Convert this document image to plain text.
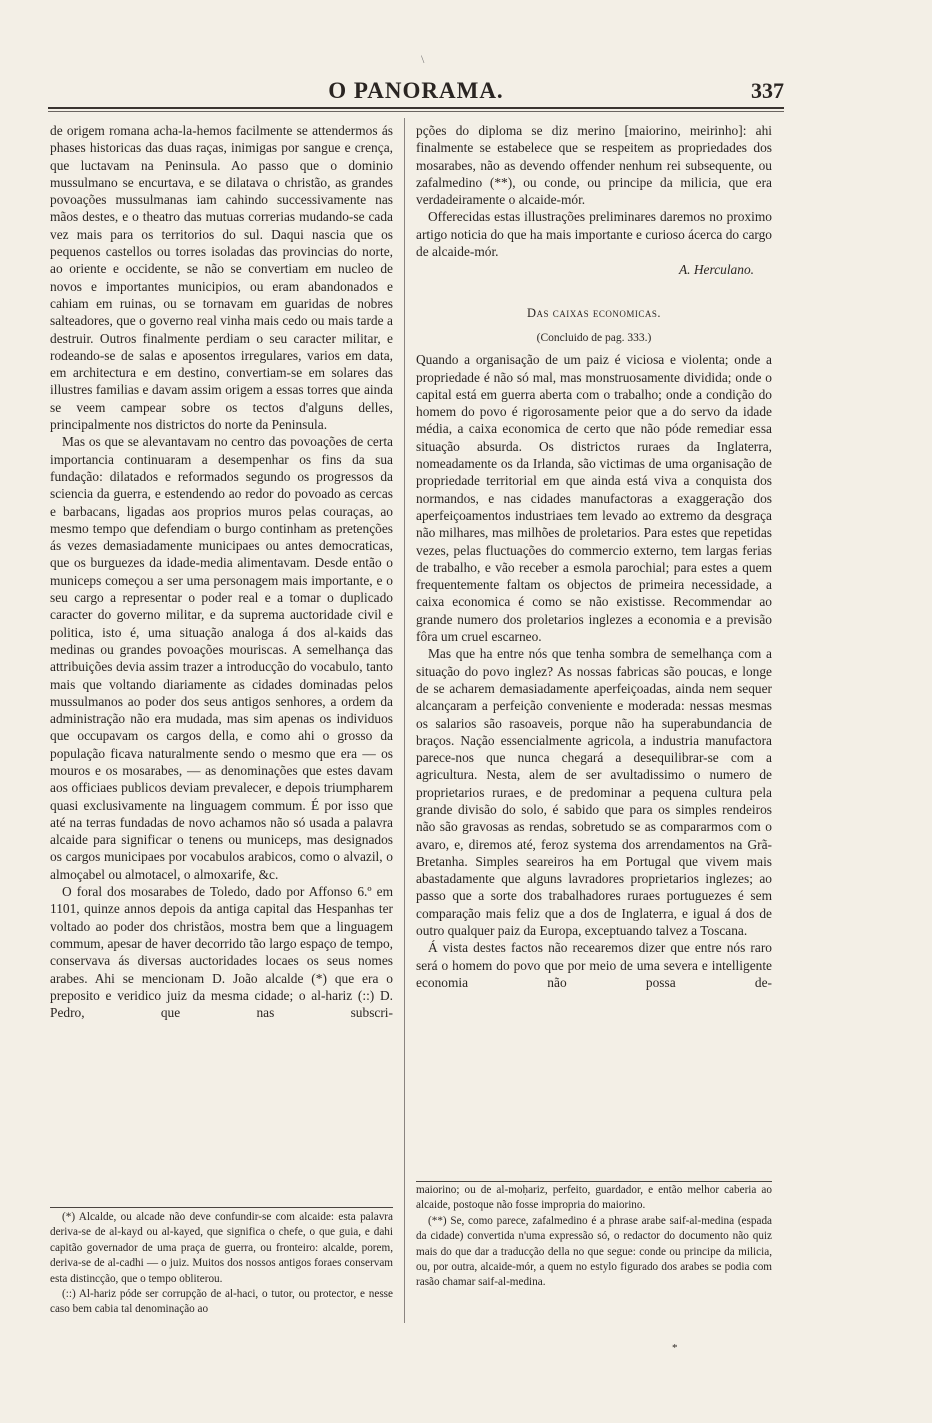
\
O PANORAMA.	337

de origem romana acha-la-hemos facilmente se attendermos ás phases historicas das duas raças, inimigas por sangue e crença, que luctavam na Peninsula. Ao passo que o dominio mussulmano se encurtava, e se dilatava o christão, as grandes povoações mussulmanas iam cahindo successivamente nas mãos destes, e o theatro das mutuas correrias mudando-se cada vez mais para os territorios do sul. Daqui nascia que os pequenos castellos ou torres isoladas das provincias do norte, ao oriente e occidente, se não se convertiam em nucleo de novos e importantes municipios, ou eram abandonados e cahiam em ruinas, ou se tornavam em guaridas de nobres salteadores, que o governo real vinha mais cedo ou mais tarde a destruir. Outros finalmente perdiam o seu caracter militar, e rodeando-se de salas e aposentos irregulares, varios em data, em architectura e em destino, convertiam-se em solares das illustres familias e davam assim origem a essas torres que ainda se veem campear sobre os tectos d'alguns delles, principalmente nos districtos do norte da Peninsula.

Mas os que se alevantavam no centro das povoações de certa importancia continuaram a desempenhar os fins da sua fundação: dilatados e reformados segundo os progressos da sciencia da guerra, e estendendo ao redor do povoado as cercas e barbacans, ligadas aos proprios muros pelas couraças, ao mesmo tempo que defendiam o burgo continham as pretenções ás vezes demasiadamente municipaes ou antes democraticas, que os burguezes da idade-media alimentavam. Desde então o municeps começou a ser uma personagem mais importante, e o seu cargo a representar o poder real e a tomar o duplicado caracter do governo militar, e da suprema auctoridade civil e politica, isto é, uma situação analoga á dos al-kaids das medinas ou grandes povoações mouriscas. A semelhança das attribuições devia assim trazer a introducção do vocabulo, tanto mais que voltando diariamente as cidades dominadas pelos mussulmanos ao poder dos seus antigos senhores, a ordem da administração não era mudada, mas sim apenas os individuos que occupavam os cargos della, e como ahi o grosso da população ficava naturalmente sendo o mesmo que era — os mouros e os mosarabes, — as denominações que estes davam aos officiaes publicos deviam prevalecer, e depois triumpharem quasi exclusivamente na linguagem commum. É por isso que até na terras fundadas de novo achamos não só usada a palavra alcaide para significar o tenens ou municeps, mas designados os cargos municipaes por vocabulos arabicos, como o alvazil, o almoçabel ou almotacel, o almoxarife, &c.

O foral dos mosarabes de Toledo, dado por Affonso 6.º em 1101, quinze annos depois da antiga capital das Hespanhas ter voltado ao poder dos christãos, mostra bem que a linguagem commum, apesar de haver decorrido tão largo espaço de tempo, conservava ás diversas auctoridades locaes os seus nomes arabes. Ahi se mencionam D. João alcalde (*) que era o preposito e veridico juiz da mesma cidade; o al-hariz (::) D. Pedro, que nas subscri-

pções do diploma se diz merino [maiorino, meirinho]: ahi finalmente se estabelece que se respeitem as propriedades dos mosarabes, não as devendo offender nenhum rei subsequente, ou zafalmedino (**), ou conde, ou principe da milicia, que era verdadeiramente o alcaide-mór.

Offerecidas estas illustrações preliminares daremos no proximo artigo noticia do que ha mais importante e curioso ácerca do cargo de alcaide-mór.

A. Herculano.

Das caixas economicas.
(Concluido de pag. 333.)

Quando a organisação de um paiz é viciosa e violenta; onde a propriedade é não só mal, mas monstruosamente dividida; onde o capital está em guerra aberta com o trabalho; onde a condição do homem do povo é rigorosamente peior que a do servo da idade média, a caixa economica de certo que não póde remediar essa situação absurda. Os districtos ruraes da Inglaterra, nomeadamente os da Irlanda, são victimas de uma organisação de propriedade territorial em que ainda está viva a conquista dos normandos, e nas cidades manufactoras a exaggeração dos aperfeiçoamentos industriaes tem levado ao extremo da desgraça não milhares, mas milhões de proletarios. Para estes que repetidas vezes, pelas fluctuações do commercio externo, tem largas ferias de trabalho, e vão receber a esmola parochial; para estes a quem frequentemente faltam os objectos de primeira necessidade, a caixa economica é como se não existisse. Recommendar ao grande numero dos proletarios inglezes a economia e a previsão fôra um cruel escarneo.

Mas que ha entre nós que tenha sombra de semelhança com a situação do povo inglez? As nossas fabricas são poucas, e longe de se acharem demasiadamente aperfeiçoadas, ainda nem sequer alcançaram a perfeição conveniente e moderada: nessas mesmas os salarios são rasoaveis, porque não ha superabundancia de braços. Nação essencialmente agricola, a industria manufactora parece-nos que nunca chegará a desequilibrar-se com a agricultura. Nesta, alem de ser avultadissimo o numero de proprietarios ruraes, e de predominar a pequena cultura pela grande divisão do solo, é sabido que para os simples rendeiros não são gravosas as rendas, sobretudo se as compararmos com o avaro, e, diremos até, feroz systema dos arrendamentos na Grã-Bretanha. Simples seareiros ha em Portugal que vivem mais abastadamente que alguns lavradores proprietarios inglezes; ao passo que a sorte dos trabalhadores ruraes portuguezes é sem comparação mais feliz que a dos de Inglaterra, e igual á dos de outro qualquer paiz da Europa, exceptuando talvez a Toscana.

Á vista destes factos não recearemos dizer que entre nós raro será o homem do povo que por meio de uma severa e intelligente economia não possa de-

(*) Alcalde, ou alcade não deve confundir-se com alcaide: esta palavra deriva-se de al-kayd ou al-kayed, que significa o chefe, o que guia, e dahi capitão governador de uma praça de guerra, ou fronteiro: alcalde, porem, deriva-se de al-cadhi — o juiz. Muitos dos nossos antigos foraes conservam esta distincção, que o tempo obliterou.

(::) Al-hariz póde ser corrupção de al-haci, o tutor, ou protector, e nesse caso bem cabia tal denominação ao

maiorino; ou de al-moḥariz, perfeito, guardador, e então melhor caberia ao alcaide, postoque não fosse impropria do maiorino.

(**) Se, como parece, zafalmedino é a phrase arabe saif-al-medina (espada da cidade) convertida n'uma expressão só, o redactor do documento não quiz mais do que dar a traducção della no que segue: conde ou principe da milicia, ou, por outra, alcaide-mór, a quem no estylo figurado dos arabes se podia com rasão chamar saif-al-medina.

*
